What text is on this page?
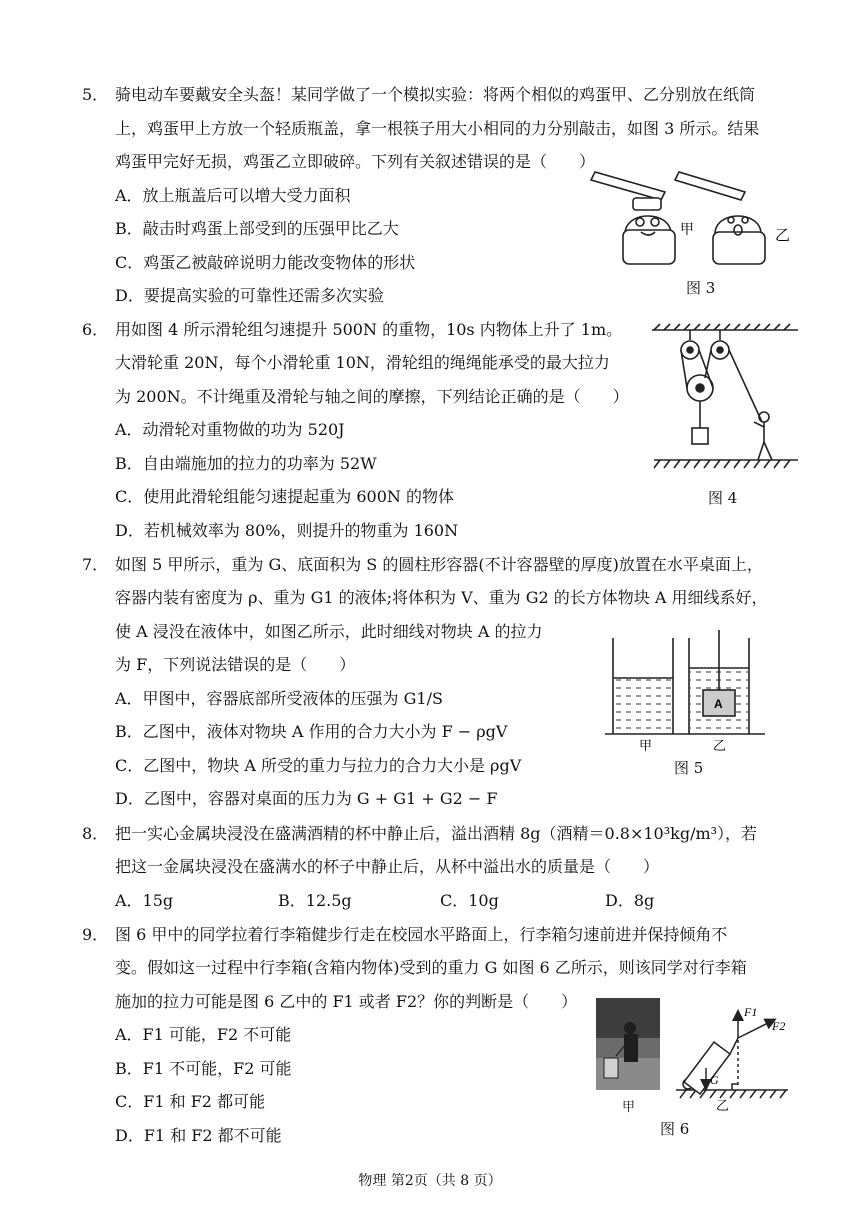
5． 骑电动车要戴安全头盔！某同学做了一个模拟实验：将两个相似的鸡蛋甲、乙分别放在纸筒
上，鸡蛋甲上方放一个轻质瓶盖，拿一根筷子用大小相同的力分别敲击，如图 3 所示。结果
鸡蛋甲完好无损，鸡蛋乙立即破碎。下列有关叙述错误的是（　　）
A．放上瓶盖后可以增大受力面积
B．敲击时鸡蛋上部受到的压强甲比乙大
C．鸡蛋乙被敲碎说明力能改变物体的形状
D．要提高实验的可靠性还需多次实验
甲	乙
图 3
6． 用如图 4 所示滑轮组匀速提升 500N 的重物，10s 内物体上升了 1m。
大滑轮重 20N，每个小滑轮重 10N，滑轮组的绳绳能承受的最大拉力
为 200N。不计绳重及滑轮与轴之间的摩擦，下列结论正确的是（　　）
A．动滑轮对重物做的功为 520J
B．自由端施加的拉力的功率为 52W
C．使用此滑轮组能匀速提起重为 600N 的物体
D．若机械效率为 80%，则提升的物重为 160N
图 4
7． 如图 5 甲所示，重为 G、底面积为 S 的圆柱形容器(不计容器壁的厚度)放置在水平桌面上，
容器内装有密度为 ρ、重为 G1 的液体;将体积为 V、重为 G2 的长方体物块 A 用细线系好，
使 A 浸没在液体中，如图乙所示，此时细线对物块 A 的拉力
为 F，下列说法错误的是（　　）
A．甲图中，容器底部所受液体的压强为 G1/S
B．乙图中，液体对物块 A 作用的合力大小为 F − ρgV
C．乙图中，物块 A 所受的重力与拉力的合力大小是 ρgV
D．乙图中，容器对桌面的压力为 G + G1 + G2 − F
A
甲	乙
图 5
8． 把一实心金属块浸没在盛满酒精的杯中静止后，溢出酒精 8g（酒精＝0.8×10³kg/m³），若
把这一金属块浸没在盛满水的杯子中静止后，从杯中溢出水的质量是（　　）
A．15g	B．12.5g	C．10g	D．8g
9． 图 6 甲中的同学拉着行李箱健步行走在校园水平路面上，行李箱匀速前进并保持倾角不
变。假如这一过程中行李箱(含箱内物体)受到的重力 G 如图 6 乙所示，则该同学对行李箱
施加的拉力可能是图 6 乙中的 F1 或者 F2？你的判断是（　　）
A．F1 可能，F2 不可能
B．F1 不可能，F2 可能
C．F1 和 F2 都可能
D．F1 和 F2 都不可能
甲
F1
F2
G
乙
图 6
物理 第2页（共 8 页）
